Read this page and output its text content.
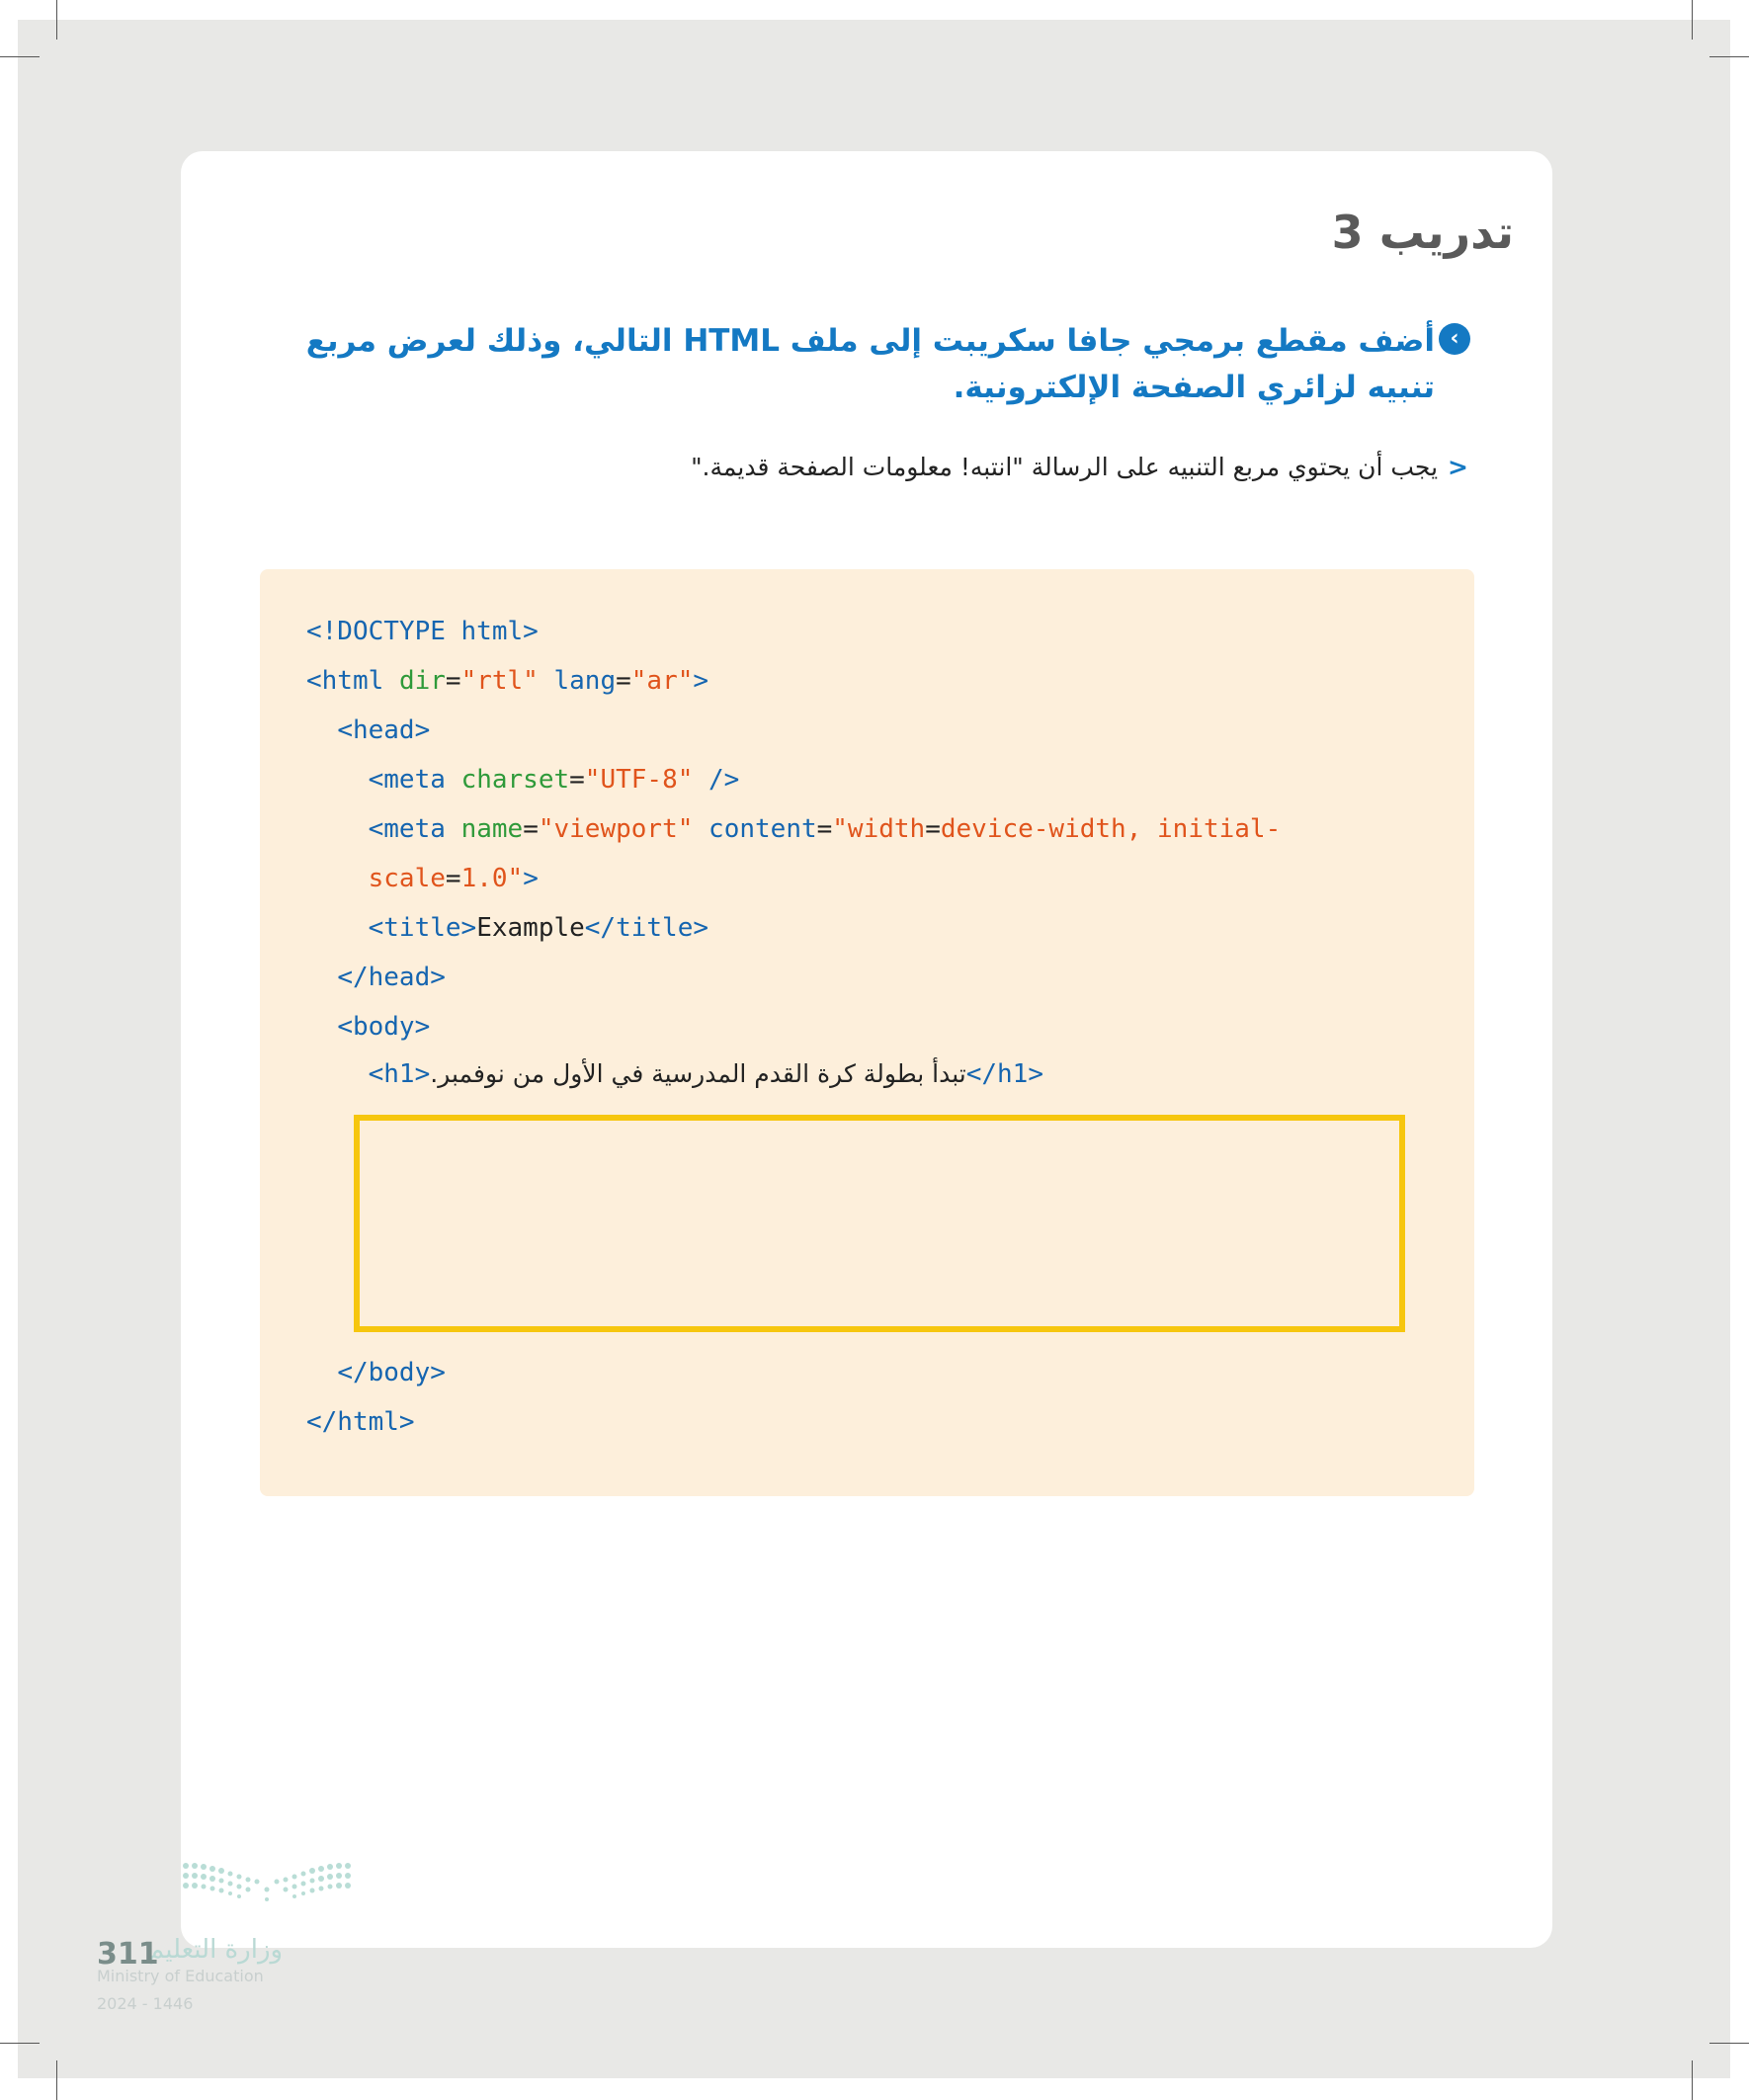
تدريب 3
‹
أضف مقطع برمجي جافا سكريبت إلى ملف HTML التالي، وذلك لعرض مربع تنبيه لزائري الصفحة الإلكترونية.
<يجب أن يحتوي مربع التنبيه على الرسالة "انتبه! معلومات الصفحة قديمة."
<!DOCTYPE html>
<html dir="rtl" lang="ar">
<head>
<meta charset="UTF-8" />
<meta name="viewport" content="width=device-width, initial-
scale=1.0">
<title>Example</title>
</head>
<body>
<h1>تبدأ بطولة كرة القدم المدرسية في الأول من نوفمبر.</h1>
</body>
</html>
وزارة التعليم
311
Ministry of Education
2024 - 1446
